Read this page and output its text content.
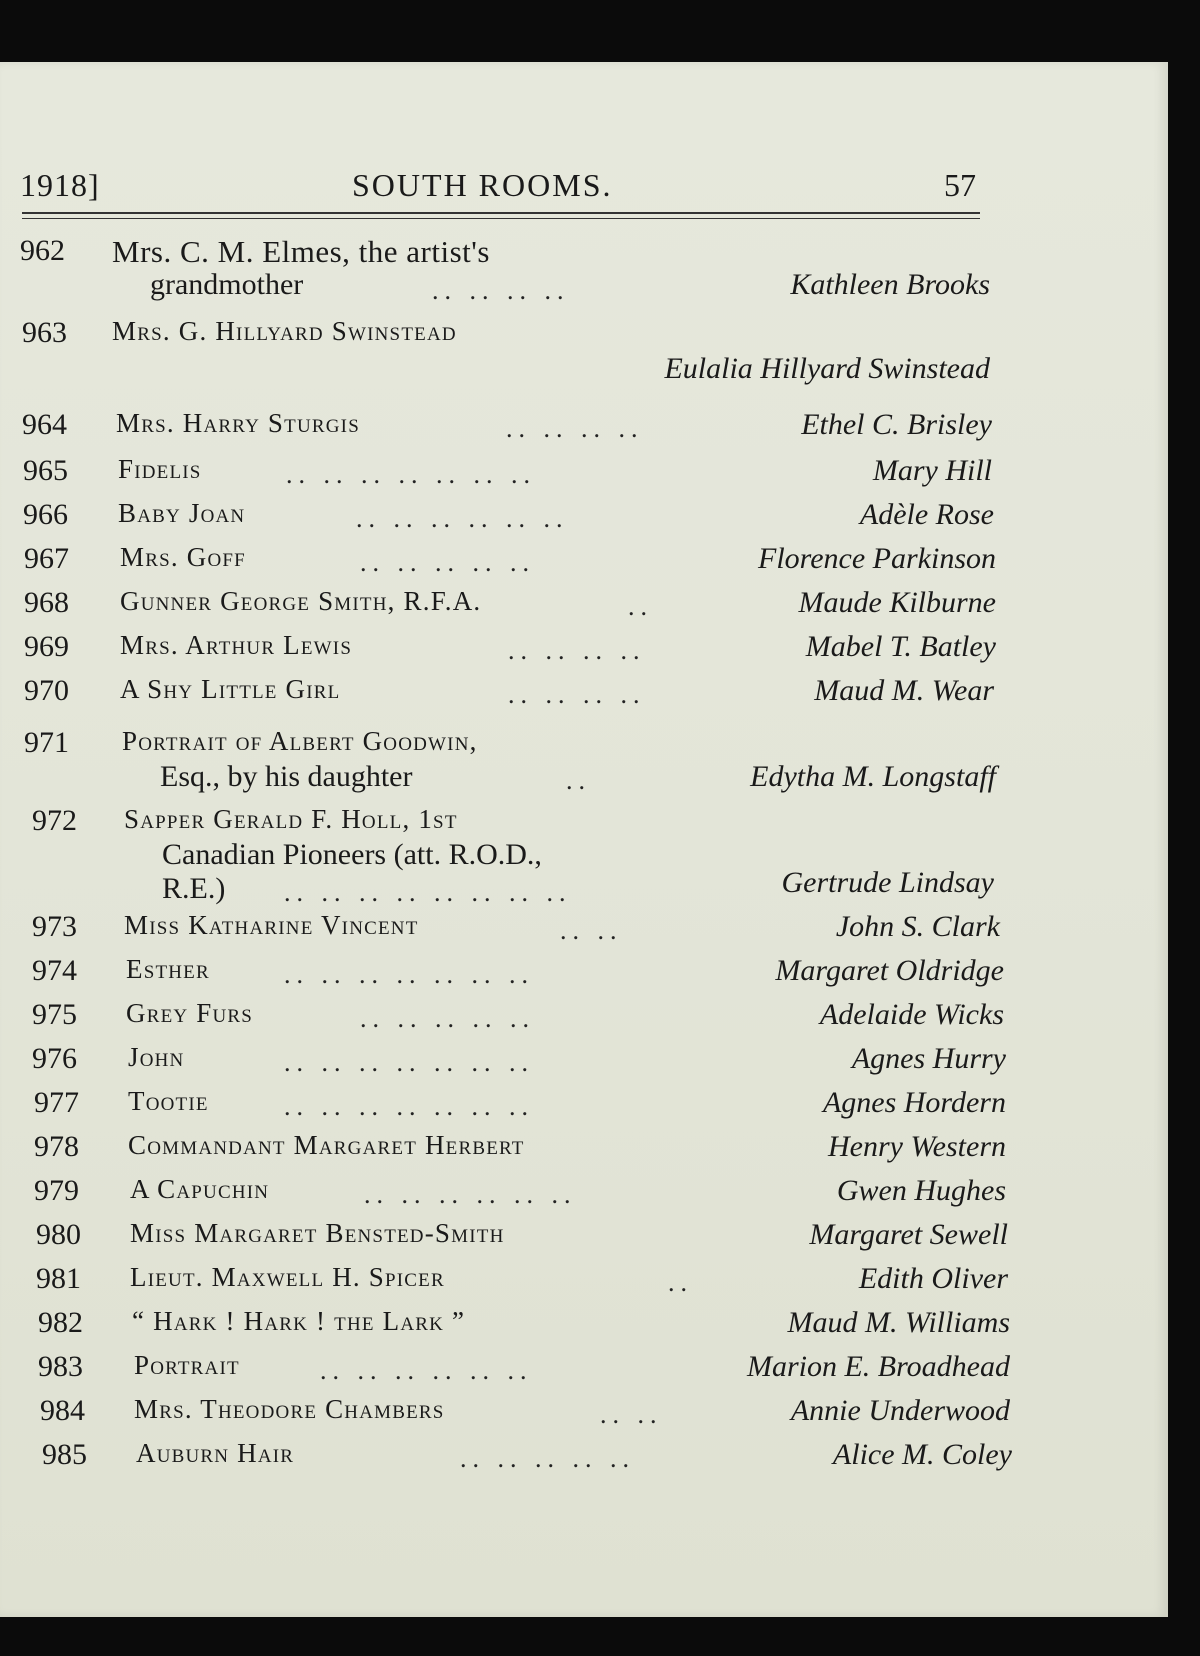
1918]	SOUTH ROOMS.	57
962	Mrs. C. M. Elmes, the artist's
grandmother	.. .. .. ..	Kathleen Brooks
963	Mrs. G. Hillyard Swinstead
Eulalia Hillyard Swinstead
964	Mrs. Harry Sturgis	.. .. .. ..	Ethel C. Brisley
965	Fidelis	.. .. .. .. .. .. ..	Mary Hill
966	Baby Joan	.. .. .. .. .. ..	Adèle Rose
967	Mrs. Goff	.. .. .. .. ..	Florence Parkinson
968	Gunner George Smith, R.F.A.	..	Maude Kilburne
969	Mrs. Arthur Lewis	.. .. .. ..	Mabel T. Batley
970	A Shy Little Girl	.. .. .. ..	Maud M. Wear
971	Portrait of Albert Goodwin,
Esq., by his daughter	..	Edytha M. Longstaff
972	Sapper Gerald F. Holl, 1st
Canadian Pioneers (att. R.O.D.,
R.E.) .. .. .. .. .. .. .. ..	Gertrude Lindsay
973	Miss Katharine Vincent	.. ..	John S. Clark
974	Esther	.. .. .. .. .. .. ..	Margaret Oldridge
975	Grey Furs	.. .. .. .. ..	Adelaide Wicks
976	John	.. .. .. .. .. .. ..	Agnes Hurry
977	Tootie	.. .. .. .. .. .. ..	Agnes Hordern
978	Commandant Margaret Herbert	Henry Western
979	A Capuchin	.. .. .. .. .. ..	Gwen Hughes
980	Miss Margaret Bensted-Smith	Margaret Sewell
981	Lieut. Maxwell H. Spicer	..	Edith Oliver
982	“ Hark ! Hark ! the Lark ”	Maud M. Williams
983	Portrait	.. .. .. .. .. ..	Marion E. Broadhead
984	Mrs. Theodore Chambers	.. ..	Annie Underwood
985	Auburn Hair	.. .. .. .. ..	Alice M. Coley
